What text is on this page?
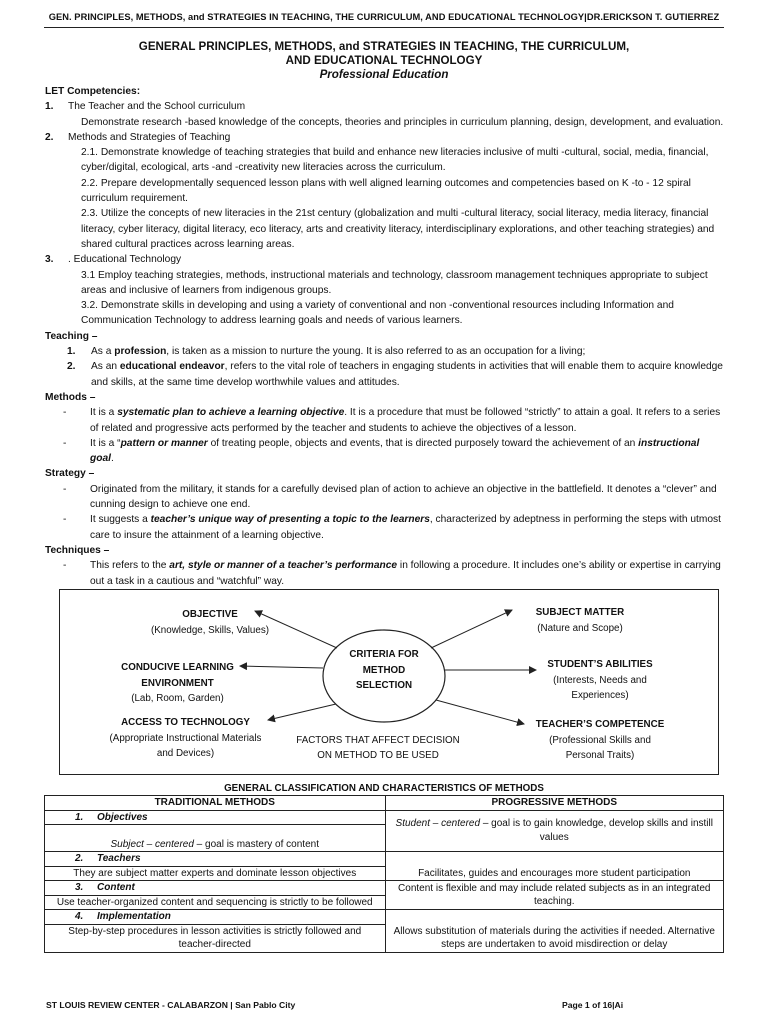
GEN. PRINCIPLES, METHODS, and STRATEGIES IN TEACHING, THE CURRICULUM, AND EDUCATIONAL TECHNOLOGY|DR.ERICKSON T. GUTIERREZ
GENERAL PRINCIPLES, METHODS, and STRATEGIES IN TEACHING, THE CURRICULUM,
AND EDUCATIONAL TECHNOLOGY
Professional Education

LET Competencies:

1.	The Teacher and the School curriculum

Demonstrate research -based knowledge of the concepts, theories and principles in curriculum planning, design, development, and evaluation.

2.	Methods and Strategies of Teaching

2.1. Demonstrate knowledge of teaching strategies that build and enhance new literacies inclusive of multi -cultural, social, media, financial, cyber/digital, ecological, arts -and -creativity new literacies across the curriculum.

2.2. Prepare developmentally sequenced lesson plans with well aligned learning outcomes and competencies based on K -to - 12 spiral curriculum requirement.

2.3. Utilize the concepts of new literacies in the 21st century (globalization and multi -cultural literacy, social literacy, media literacy, financial literacy, cyber literacy, digital literacy, eco literacy, arts and creativity literacy, interdisciplinary explorations, and other teaching strategies) and shared cultural practices across learning areas.

3.	. Educational Technology

3.1 Employ teaching strategies, methods, instructional materials and technology, classroom management techniques appropriate to subject areas and inclusive of learners from indigenous groups.

3.2. Demonstrate skills in developing and using a variety of conventional and non -conventional resources including Information and Communication Technology to address learning goals and needs of various learners.

Teaching –

1.	As a profession, is taken as a mission to nurture the young. It is also referred to as an occupation for a living;
2.	As an educational endeavor, refers to the vital role of teachers in engaging students in activities that will enable them to acquire knowledge and skills, at the same time develop worthwhile values and attitudes.

Methods –

-	It is a systematic plan to achieve a learning objective. It is a procedure that must be followed “strictly” to attain a goal. It refers to a series of related and progressive acts performed by the teacher and students to achieve the objectives of a lesson.
-	It is a “pattern or manner of treating people, objects and events, that is directed purposely toward the achievement of an instructional goal.

Strategy –

-	Originated from the military, it stands for a carefully devised plan of action to achieve an objective in the battlefield. It denotes a “clever” and cunning design to achieve one end.
-	It suggests a teacher’s unique way of presenting a topic to the learners, characterized by adeptness in performing the steps with utmost care to insure the attainment of a learning objective.

Techniques –

-	This refers to the art, style or manner of a teacher’s performance in following a procedure. It includes one’s ability or expertise in carrying out a task in a cautious and “watchful” way.
CRITERIA FOR
METHOD
SELECTION
FACTORS THAT AFFECT DECISION
ON METHOD TO BE USED
OBJECTIVE
(Knowledge, Skills, Values)
CONDUCIVE LEARNING
ENVIRONMENT
(Lab, Room, Garden)
ACCESS TO TECHNOLOGY
(Appropriate Instructional Materials
and Devices)
SUBJECT MATTER
(Nature and Scope)
STUDENT’S ABILITIES
(Interests, Needs and
Experiences)
TEACHER’S COMPETENCE
(Professional Skills and
Personal Traits)
GENERAL CLASSIFICATION AND CHARACTERISTICS OF METHODS
TRADITIONAL METHODS	PROGRESSIVE METHODS
1. Objectives	Student – centered – goal is to gain knowledge, develop skills and instill values
Subject – centered – goal is mastery of content	
2. Teachers	Facilitates, guides and encourages more student participation
They are subject matter experts and dominate lesson objectives	
3. Content	Content is flexible and may include related subjects as in an integrated teaching.
Use teacher-organized content and sequencing is strictly to be followed	
4. Implementation	Allows substitution of materials during the activities if needed. Alternative steps are undertaken to avoid misdirection or delay
Step-by-step procedures in lesson activities is strictly followed and teacher-directed	
ST LOUIS REVIEW CENTER - CALABARZON | San Pablo City	Page 1 of 16|Ai
